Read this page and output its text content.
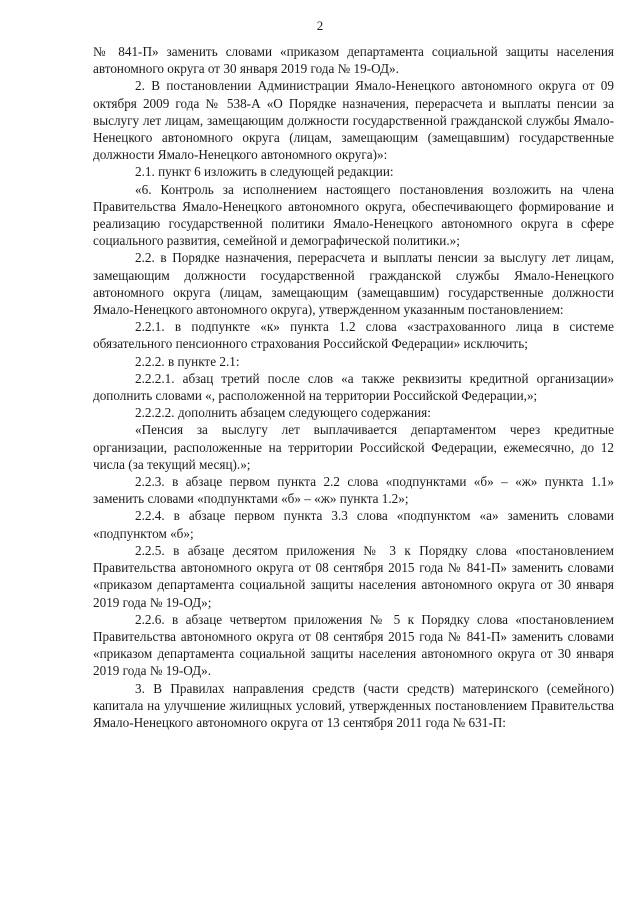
2

№ 841-П» заменить словами «приказом департамента социальной защиты населения автономного округа от 30 января 2019 года № 19-ОД».

2. В постановлении Администрации Ямало-Ненецкого автономного округа от 09 октября 2009 года № 538-А «О Порядке назначения, перерасчета и выплаты пенсии за выслугу лет лицам, замещающим должности государственной гражданской службы Ямало-Ненецкого автономного округа (лицам, замещающим (замещавшим) государственные должности Ямало-Ненецкого автономного округа)»:

2.1. пункт 6 изложить в следующей редакции:

«6. Контроль за исполнением настоящего постановления возложить на члена Правительства Ямало-Ненецкого автономного округа, обеспечивающего формирование и реализацию государственной политики Ямало-Ненецкого автономного округа в сфере социального развития, семейной и демографической политики.»;

2.2. в Порядке назначения, перерасчета и выплаты пенсии за выслугу лет лицам, замещающим должности государственной гражданской службы Ямало-Ненецкого автономного округа (лицам, замещающим (замещавшим) государственные должности Ямало-Ненецкого автономного округа), утвержденном указанным постановлением:

2.2.1. в подпункте «к» пункта 1.2 слова «застрахованного лица в системе обязательного пенсионного страхования Российской Федерации» исключить;

2.2.2. в пункте 2.1:

2.2.2.1. абзац третий после слов «а также реквизиты кредитной организации» дополнить словами «, расположенной на территории Российской Федерации,»;

2.2.2.2. дополнить абзацем следующего содержания:

«Пенсия за выслугу лет выплачивается департаментом через кредитные организации, расположенные на территории Российской Федерации, ежемесячно, до 12 числа (за текущий месяц).»;

2.2.3. в абзаце первом пункта 2.2 слова «подпунктами «б» – «ж» пункта 1.1» заменить словами «подпунктами «б» – «ж» пункта 1.2»;

2.2.4. в абзаце первом пункта 3.3 слова «подпунктом «а» заменить словами «подпунктом «б»;

2.2.5. в абзаце десятом приложения № 3 к Порядку слова «постановлением Правительства автономного округа от 08 сентября 2015 года № 841-П» заменить словами «приказом департамента социальной защиты населения автономного округа от 30 января 2019 года № 19-ОД»;

2.2.6. в абзаце четвертом приложения № 5 к Порядку слова «постановлением Правительства автономного округа от 08 сентября 2015 года № 841-П» заменить словами «приказом департамента социальной защиты населения автономного округа от 30 января 2019 года № 19-ОД».

3. В Правилах направления средств (части средств) материнского (семейного) капитала на улучшение жилищных условий, утвержденных постановлением Правительства Ямало-Ненецкого автономного округа от 13 сентября 2011 года № 631-П:
